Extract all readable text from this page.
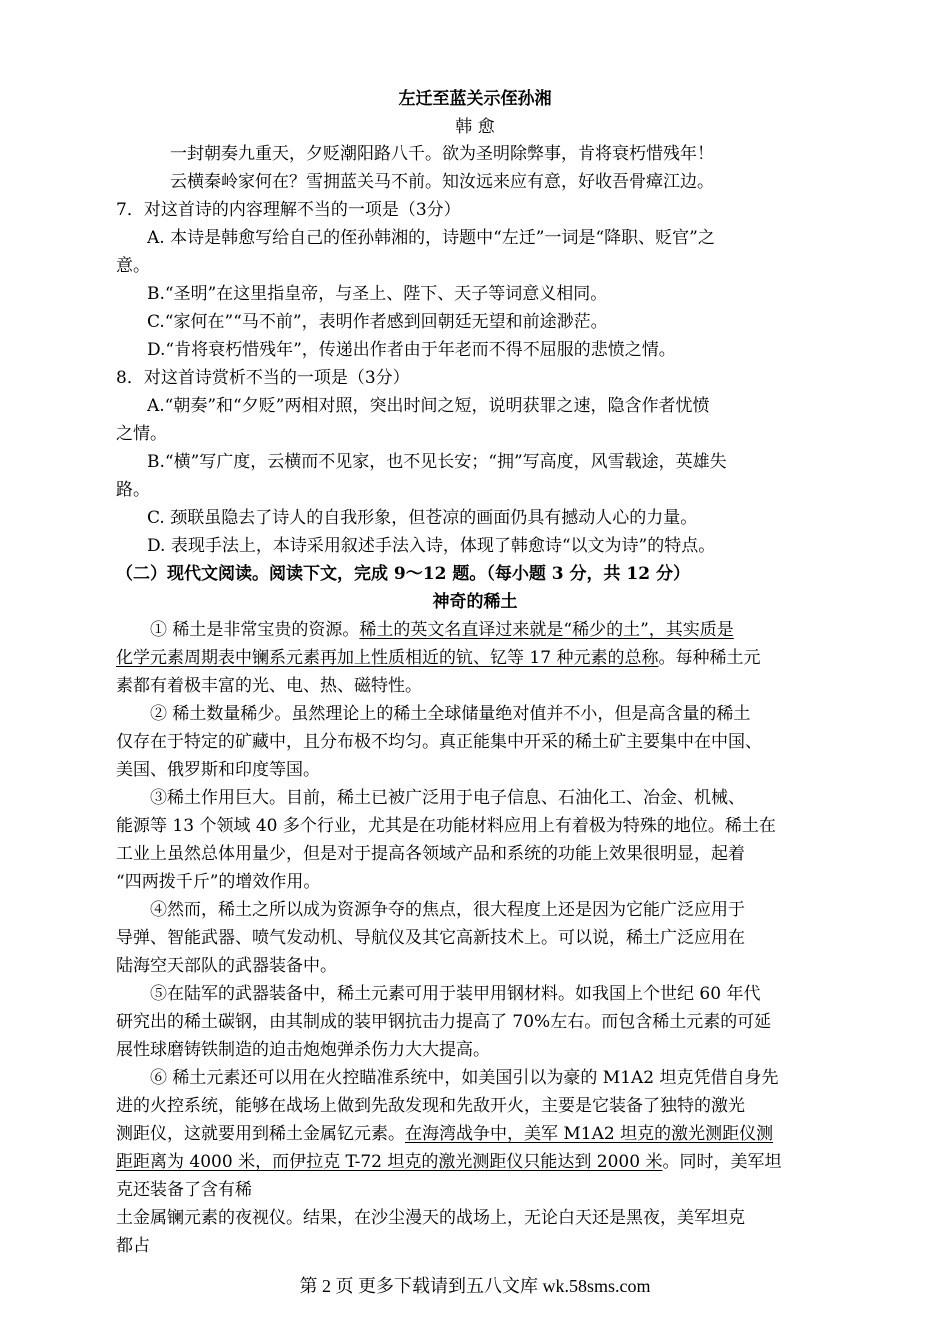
左迁至蓝关示侄孙湘
韩 愈
一封朝奏九重天，夕贬潮阳路八千。欲为圣明除弊事，肯将衰朽惜残年！
云横秦岭家何在？雪拥蓝关马不前。知汝远来应有意，好收吾骨瘴江边。
7．对这首诗的内容理解不当的一项是（3分）
A. 本诗是韩愈写给自己的侄孙韩湘的，诗题中“左迁”一词是“降职、贬官”之
意。
B.“圣明”在这里指皇帝，与圣上、陛下、天子等词意义相同。
C.“家何在”“马不前”，表明作者感到回朝廷无望和前途渺茫。
D.“肯将衰朽惜残年”，传递出作者由于年老而不得不屈服的悲愤之情。
8．对这首诗赏析不当的一项是（3分）
A.“朝奏”和“夕贬”两相对照，突出时间之短，说明获罪之速，隐含作者忧愤
之情。
B.“横”写广度，云横而不见家，也不见长安；“拥”写高度，风雪载途，英雄失
路。
C. 颈联虽隐去了诗人的自我形象，但苍凉的画面仍具有撼动人心的力量。
D. 表现手法上，本诗采用叙述手法入诗，体现了韩愈诗“以文为诗”的特点。
（二）现代文阅读。阅读下文，完成 9～12 题。（每小题 3 分，共 12 分）
神奇的稀土
① 稀土是非常宝贵的资源。稀土的英文名直译过来就是“稀少的土”，其实质是
化学元素周期表中镧系元素再加上性质相近的钪、钇等 17 种元素的总称。每种稀土元
素都有着极丰富的光、电、热、磁特性。
② 稀土数量稀少。虽然理论上的稀土全球储量绝对值并不小，但是高含量的稀土
仅存在于特定的矿藏中，且分布极不均匀。真正能集中开采的稀土矿主要集中在中国、
美国、俄罗斯和印度等国。
③稀土作用巨大。目前，稀土已被广泛用于电子信息、石油化工、冶金、机械、
能源等 13 个领域 40 多个行业，尤其是在功能材料应用上有着极为特殊的地位。稀土在
工业上虽然总体用量少，但是对于提高各领域产品和系统的功能上效果很明显，起着
“四两拨千斤”的增效作用。
④然而，稀土之所以成为资源争夺的焦点，很大程度上还是因为它能广泛应用于
导弹、智能武器、喷气发动机、导航仪及其它高新技术上。可以说，稀土广泛应用在
陆海空天部队的武器装备中。
⑤在陆军的武器装备中，稀土元素可用于装甲用钢材料。如我国上个世纪 60 年代
研究出的稀土碳钢，由其制成的装甲钢抗击力提高了 70%左右。而包含稀土元素的可延
展性球磨铸铁制造的迫击炮炮弹杀伤力大大提高。
⑥ 稀土元素还可以用在火控瞄准系统中，如美国引以为豪的 M1A2 坦克凭借自身先
进的火控系统，能够在战场上做到先敌发现和先敌开火，主要是它装备了独特的激光
测距仪，这就要用到稀土金属钇元素。在海湾战争中，美军 M1A2 坦克的激光测距仪测
距距离为 4000 米，而伊拉克 T-72 坦克的激光测距仪只能达到 2000 米。同时，美军坦
克还装备了含有稀
土金属镧元素的夜视仪。结果，在沙尘漫天的战场上，无论白天还是黑夜，美军坦克
都占
第 2 页 更多下载请到五八文库 wk.58sms.com
